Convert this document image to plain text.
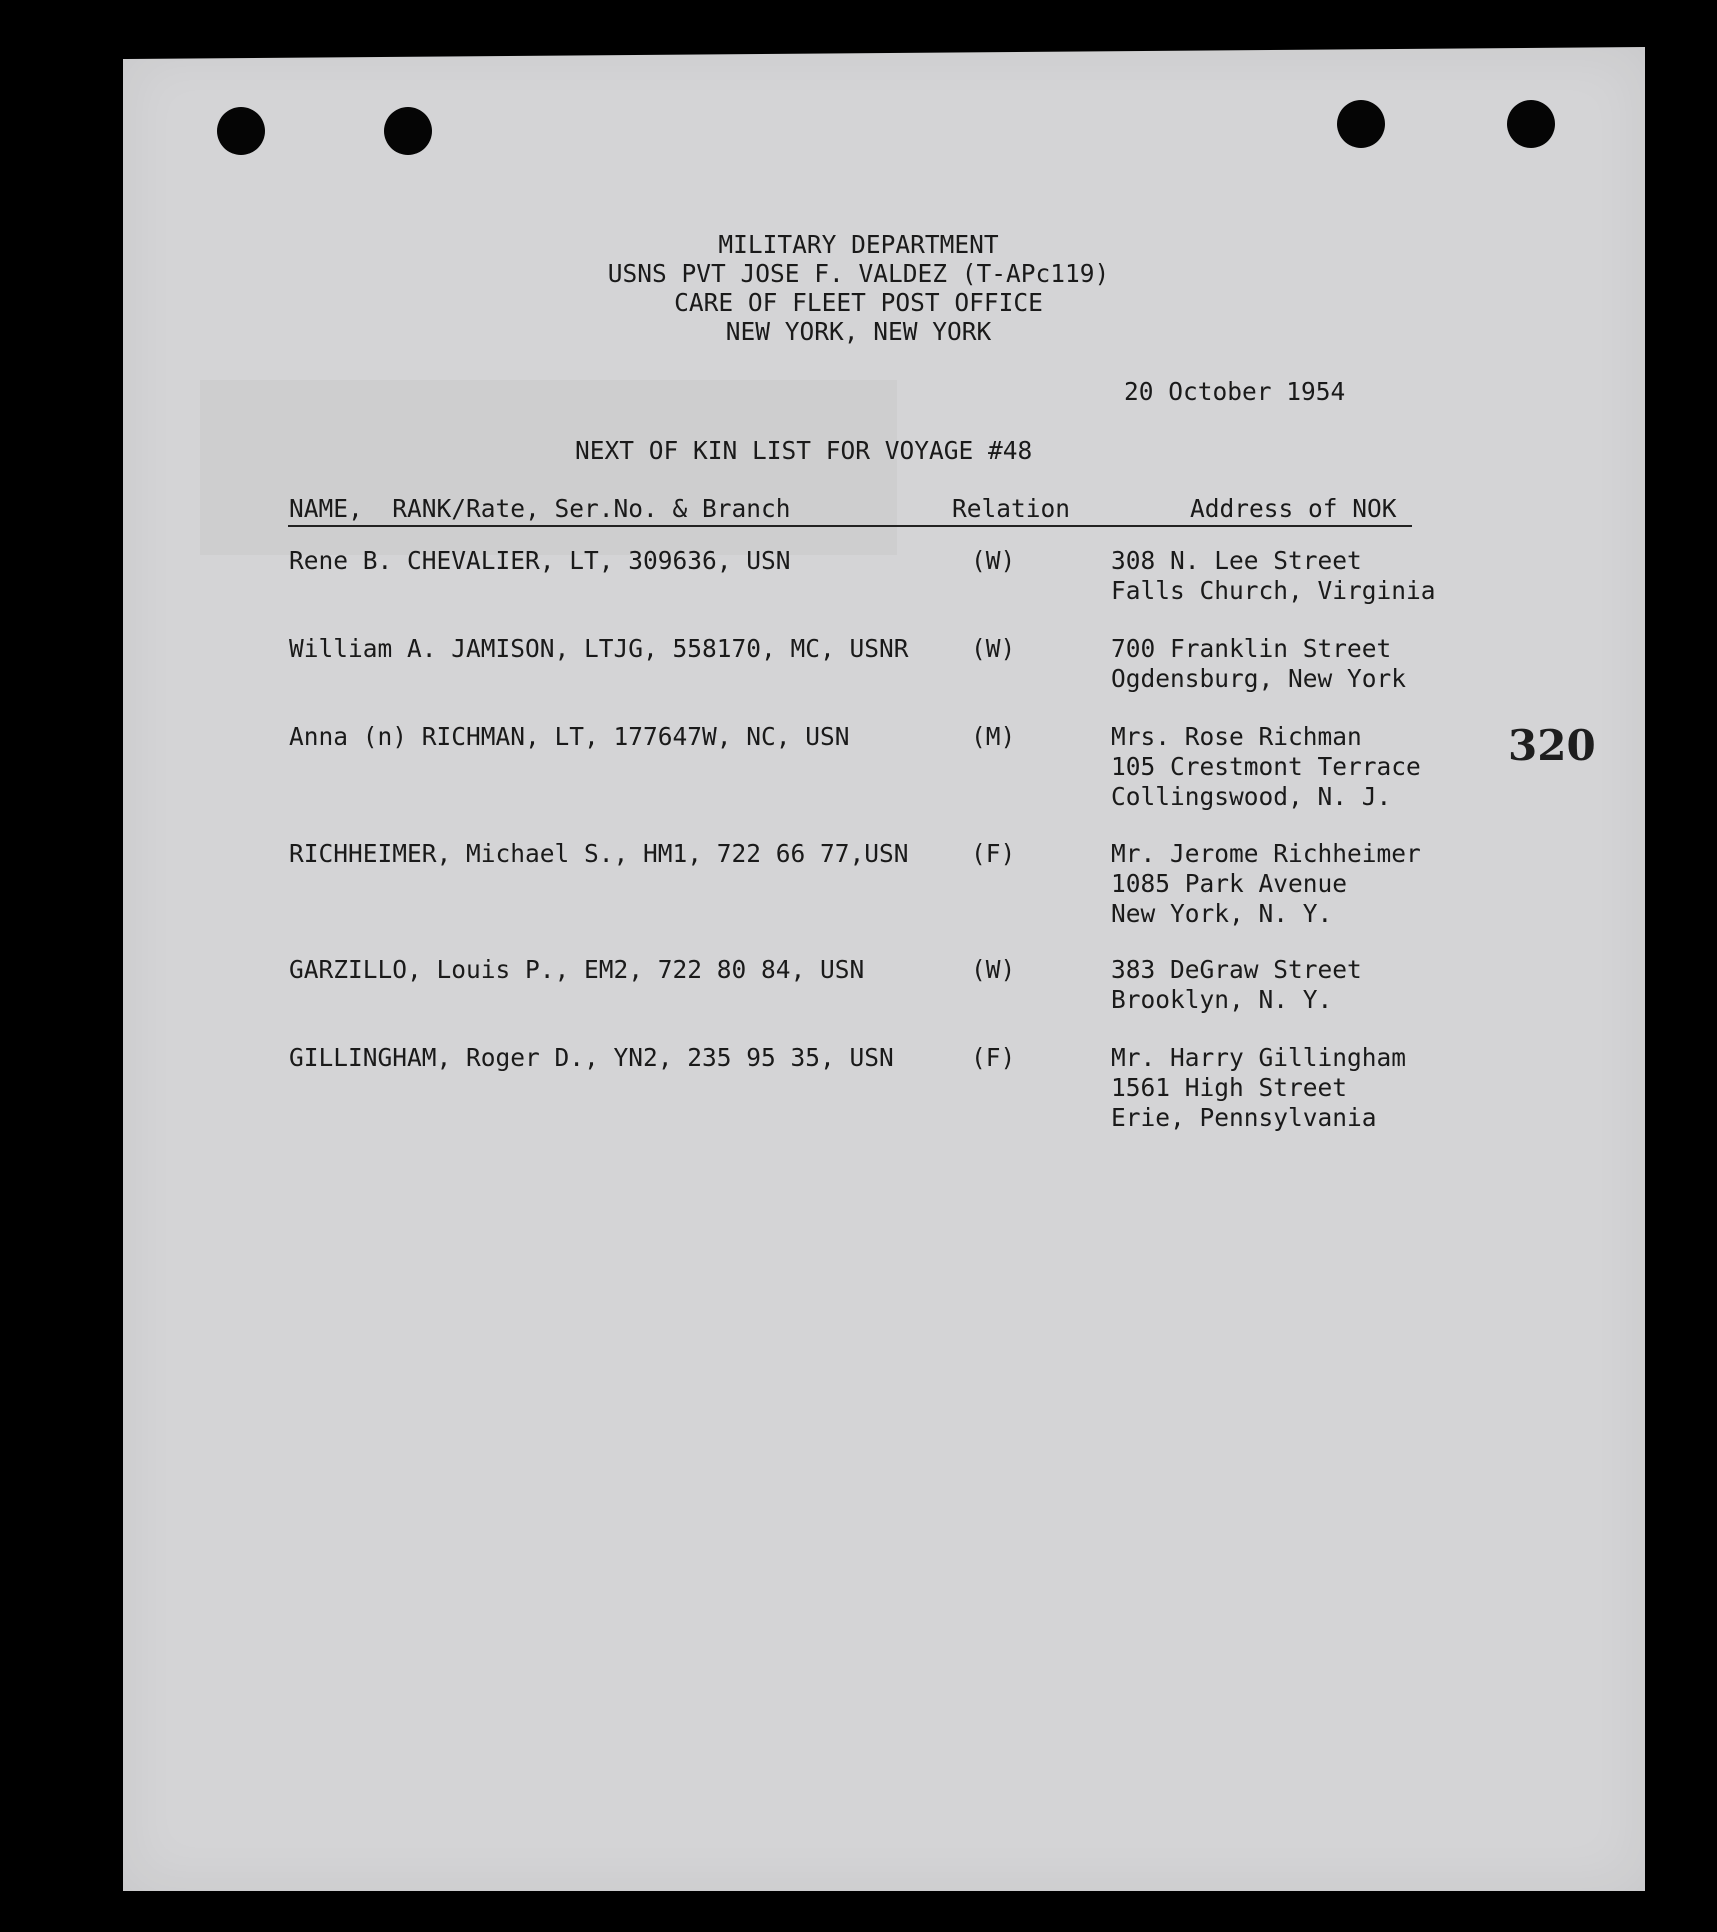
MILITARY DEPARTMENT

USNS PVT JOSE F. VALDEZ (T-APc119)

CARE OF FLEET POST OFFICE

NEW YORK, NEW YORK

20 October 1954

NEXT OF KIN LIST FOR VOYAGE #48

NAME,  RANK/Rate, Ser.No. & Branch	Relation	Address of NOK

Rene B. CHEVALIER, LT, 309636, USN	(W)	308 N. Lee Street

Falls Church, Virginia

William A. JAMISON, LTJG, 558170, MC, USNR	(W)	700 Franklin Street

Ogdensburg, New York

Anna (n) RICHMAN, LT, 177647W, NC, USN	(M)	Mrs. Rose Richman

105 Crestmont Terrace

Collingswood, N. J.

RICHHEIMER, Michael S., HM1, 722 66 77,USN	(F)	Mr. Jerome Richheimer

1085 Park Avenue

New York, N. Y.

GARZILLO, Louis P., EM2, 722 80 84, USN	(W)	383 DeGraw Street

Brooklyn, N. Y.

GILLINGHAM, Roger D., YN2, 235 95 35, USN	(F)	Mr. Harry Gillingham

1561 High Street

Erie, Pennsylvania

320
